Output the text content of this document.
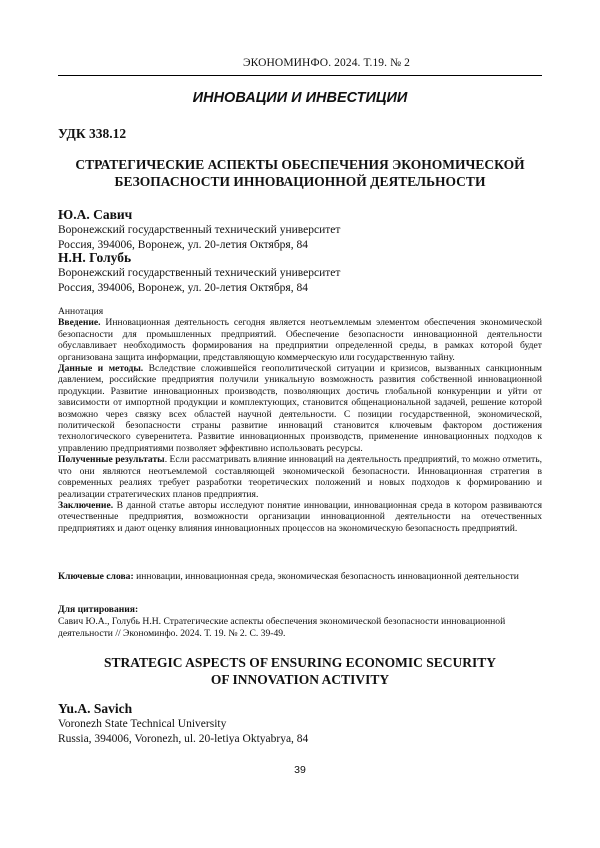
ЭКОНОМИНФО. 2024. Т.19. № 2
ИННОВАЦИИ И ИНВЕСТИЦИИ
УДК 338.12
СТРАТЕГИЧЕСКИЕ АСПЕКТЫ ОБЕСПЕЧЕНИЯ ЭКОНОМИЧЕСКОЙ
БЕЗОПАСНОСТИ ИННОВАЦИОННОЙ ДЕЯТЕЛЬНОСТИ
Ю.А. Савич
Воронежский государственный технический университет
Россия, 394006, Воронеж, ул. 20-летия Октября, 84
Н.Н. Голубь
Воронежский государственный технический университет
Россия, 394006, Воронеж, ул. 20-летия Октября, 84

Аннотация

Введение. Инновационная деятельность сегодня является неотъемлемым элементом обеспечения экономической безопасности для промышленных предприятий. Обеспечение безопасности инновационной деятельности обуславливает необходимость формирования на предприятии определенной среды, в рамках которой будет организована защита информации, представляющую коммерческую или государственную тайну.

Данные и методы. Вследствие сложившейся геополитической ситуации и кризисов, вызванных санкционным давлением, российские предприятия получили уникальную возможность развития собственной инновационной продукции. Развитие инновационных производств, позволяющих достичь глобальной конкуренции и уйти от зависимости от импортной продукции и комплектующих, становится общенациональной задачей, решение которой возможно через связку всех областей научной деятельности. С позиции государственной, экономической, политической безопасности страны развитие инноваций становится ключевым фактором достижения технологического суверенитета. Развитие инновационных производств, применение инновационных подходов к управлению предприятиями позволяет эффективно использовать ресурсы.

Полученные результаты. Если рассматривать влияние инноваций на деятельность предприятий, то можно отметить, что они являются неотъемлемой составляющей экономической безопасности. Инновационная стратегия в современных реалиях требует разработки теоретических положений и новых подходов к формированию и реализации стратегических планов предприятия.

Заключение. В данной статье авторы исследуют понятие инновации, инновационная среда в котором развиваются отечественные предприятия, возможности организации инновационной деятельности на отечественных предприятиях и дают оценку влияния инновационных процессов на экономическую безопасность предприятий.

Ключевые слова: инновации, инновационная среда, экономическая безопасность инновационной деятельности
Для цитирования:
Савич Ю.А., Голубь Н.Н. Стратегические аспекты обеспечения экономической безопасности инновационной деятельности // Экономинфо. 2024. Т. 19. № 2. С. 39-49.
STRATEGIC ASPECTS OF ENSURING ECONOMIC SECURITY
OF INNOVATION ACTIVITY
Yu.A. Savich
Voronezh State Technical University
Russia, 394006, Voronezh, ul. 20-letiya Oktyabrya, 84
39
